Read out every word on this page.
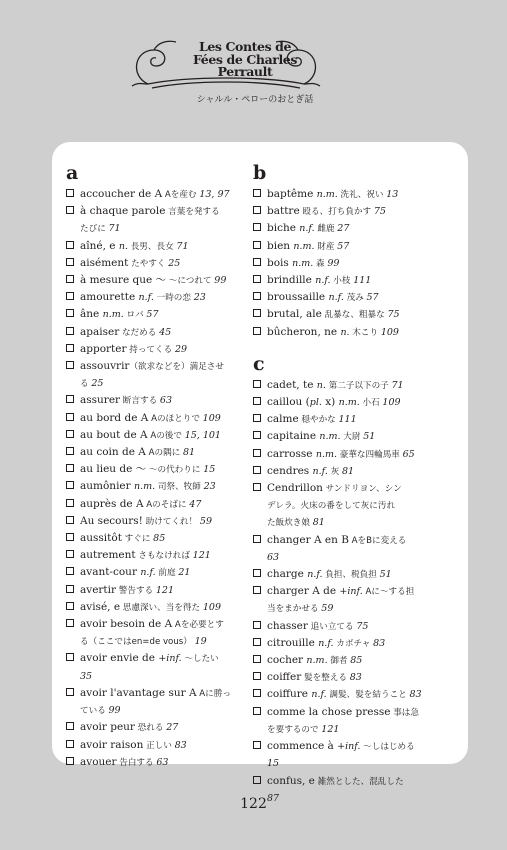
Les Contes de
Fées de Charles
Perrault
シャルル・ペローのおとぎ話
a
accoucher de A Aを産む 13, 97
à chaque parole 言葉を発する
たびに 71
aîné, e n. 長男、長女 71
aisément たやすく 25
à mesure que ～ ～につれて 99
amourette n.f. 一時の恋 23
âne n.m. ロバ 57
apaiser なだめる 45
apporter 持ってくる 29
assouvrir（欲求などを）満足させ
る 25
assurer 断言する 63
au bord de A Aのほとりで 109
au bout de A Aの後で 15, 101
au coin de A Aの隅に 81
au lieu de ～ ～の代わりに 15
aumônier n.m. 司祭、牧師 23
auprès de A Aのそばに 47
Au secours! 助けてくれ！ 59
aussitôt すぐに 85
autrement さもなければ 121
avant-cour n.f. 前庭 21
avertir 警告する 121
avisé, e 思慮深い、当を得た 109
avoir besoin de A Aを必要とす
る（ここではen=de vous） 19
avoir envie de +inf. ～したい
35
avoir l'avantage sur A Aに勝っ
ている 99
avoir peur 恐れる 27
avoir raison 正しい 83
avouer 告白する 63
b
baptême n.m. 洗礼、祝い 13
battre 殴る、打ち負かす 75
biche n.f. 雌鹿 27
bien n.m. 財産 57
bois n.m. 森 99
brindille n.f. 小枝 111
broussaille n.f. 茂み 57
brutal, ale 乱暴な、粗暴な 75
bûcheron, ne n. 木こり 109
c
cadet, te n. 第二子以下の子 71
caillou (pl. x) n.m. 小石 109
calme 穏やかな 111
capitaine n.m. 大尉 51
carrosse n.m. 豪華な四輪馬車 65
cendres n.f. 灰 81
Cendrillon サンドリヨン、シン
デレラ。火床の番をして灰に汚れ
た飯炊き娘 81
changer A en B AをBに変える
63
charge n.f. 負担、税負担 51
charger A de +inf. Aに～する担
当をまかせる 59
chasser 追い立てる 75
citrouille n.f. カボチャ 83
cocher n.m. 御者 85
coiffer 髪を整える 83
coiffure n.f. 調髪、髪を結うこと 83
comme la chose presse 事は急
を要するので 121
commence à +inf. ～しはじめる
15
confus, e 雑然とした、混乱した
87
122
